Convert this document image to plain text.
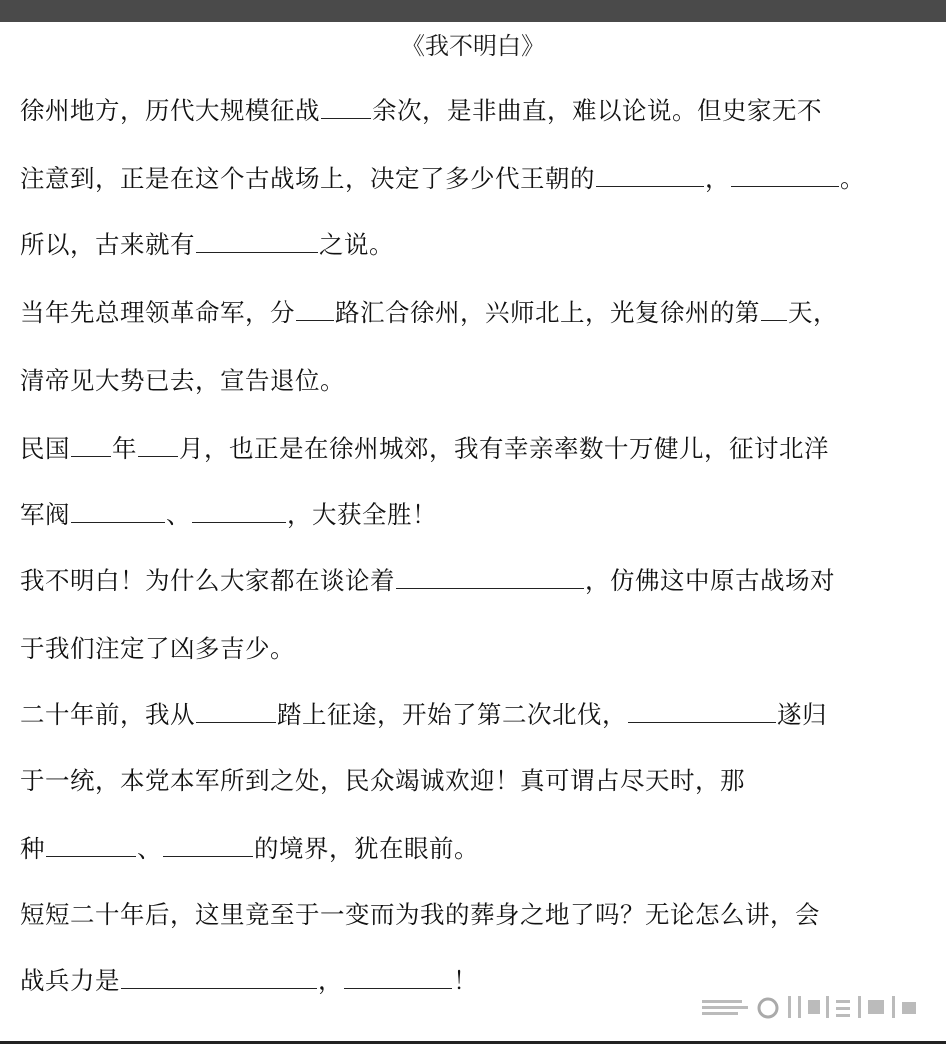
《我不明白》
徐州地方，历代大规模征战 余次，是非曲直，难以论说。但史家无不
注意到，正是在这个古战场上，决定了多少代王朝的	，	。
所以，古来就有	之说。
当年先总理领革命军，分 路汇合徐州，兴师北上，光复徐州的第 天，
清帝见大势已去，宣告退位。
民国 年 月，也正是在徐州城郊，我有幸亲率数十万健儿，征讨北洋
军阀	、	，大获全胜！
我不明白！为什么大家都在谈论着	，仿佛这中原古战场对
于我们注定了凶多吉少。
二十年前，我从	踏上征途，开始了第二次北伐，	遂归
于一统，本党本军所到之处，民众竭诚欢迎！真可谓占尽天时，那
种	、	的境界，犹在眼前。
短短二十年后，这里竟至于一变而为我的葬身之地了吗？无论怎么讲，会
战兵力是	，	！
